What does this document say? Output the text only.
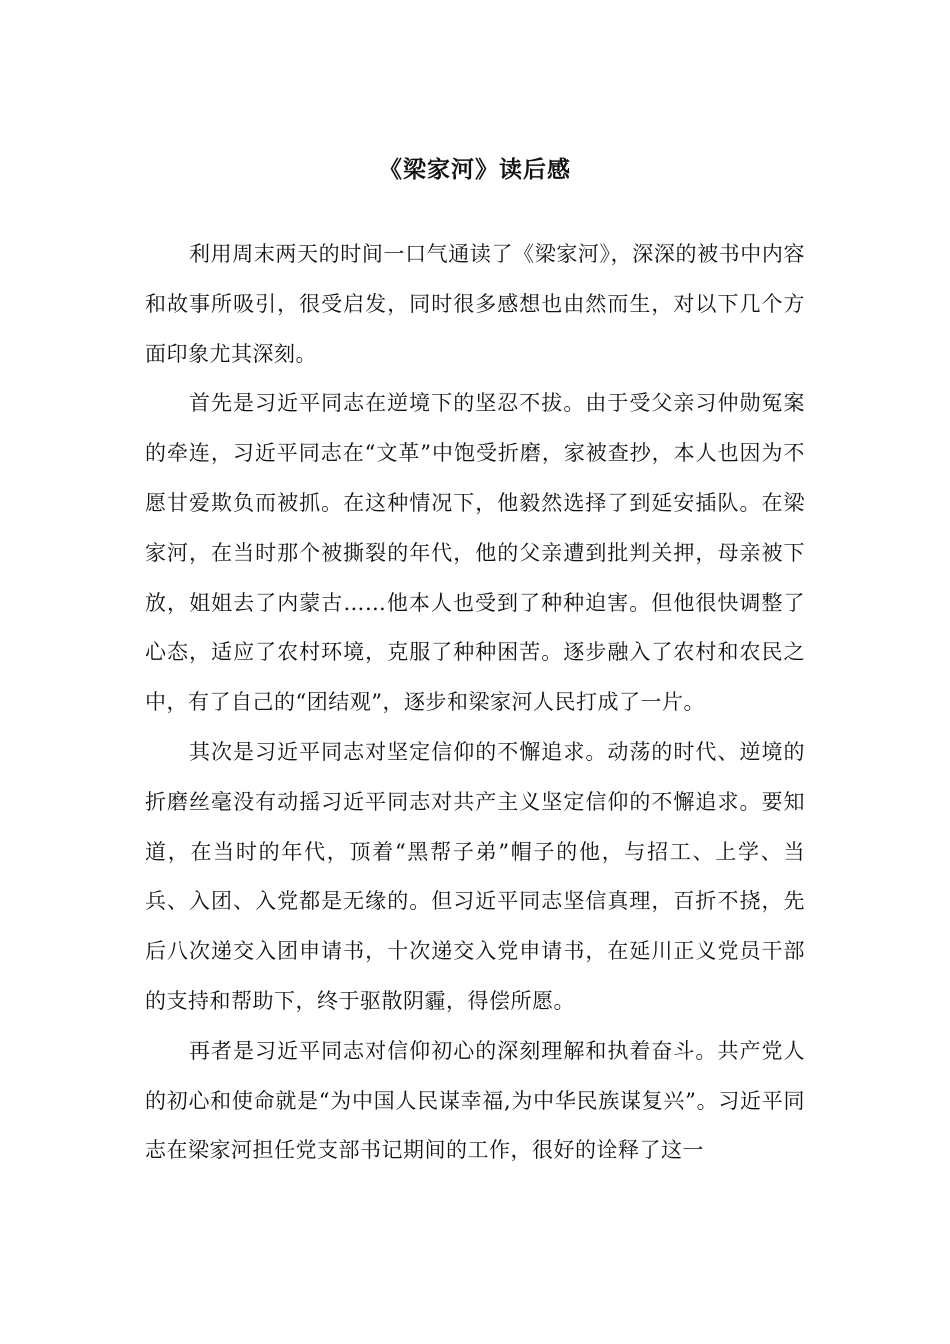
《梁家河》读后感

利用周末两天的时间一口气通读了《梁家河》，深深的被书中内容和故事所吸引，很受启发，同时很多感想也由然而生，对以下几个方面印象尤其深刻。

首先是习近平同志在逆境下的坚忍不拔。由于受父亲习仲勋冤案的牵连，习近平同志在“文革”中饱受折磨，家被查抄，本人也因为不愿甘爱欺负而被抓。在这种情况下，他毅然选择了到延安插队。在梁家河，在当时那个被撕裂的年代，他的父亲遭到批判关押，母亲被下放，姐姐去了内蒙古……他本人也受到了种种迫害。但他很快调整了心态，适应了农村环境，克服了种种困苦。逐步融入了农村和农民之中，有了自己的“团结观”，逐步和梁家河人民打成了一片。

其次是习近平同志对坚定信仰的不懈追求。动荡的时代、逆境的折磨丝毫没有动摇习近平同志对共产主义坚定信仰的不懈追求。要知道，在当时的年代，顶着“黑帮子弟”帽子的他，与招工、上学、当兵、入团、入党都是无缘的。但习近平同志坚信真理，百折不挠，先后八次递交入团申请书，十次递交入党申请书，在延川正义党员干部的支持和帮助下，终于驱散阴霾，得偿所愿。

再者是习近平同志对信仰初心的深刻理解和执着奋斗。共产党人的初心和使命就是“为中国人民谋幸福,为中华民族谋复兴”。习近平同志在梁家河担任党支部书记期间的工作，很好的诠释了这一
